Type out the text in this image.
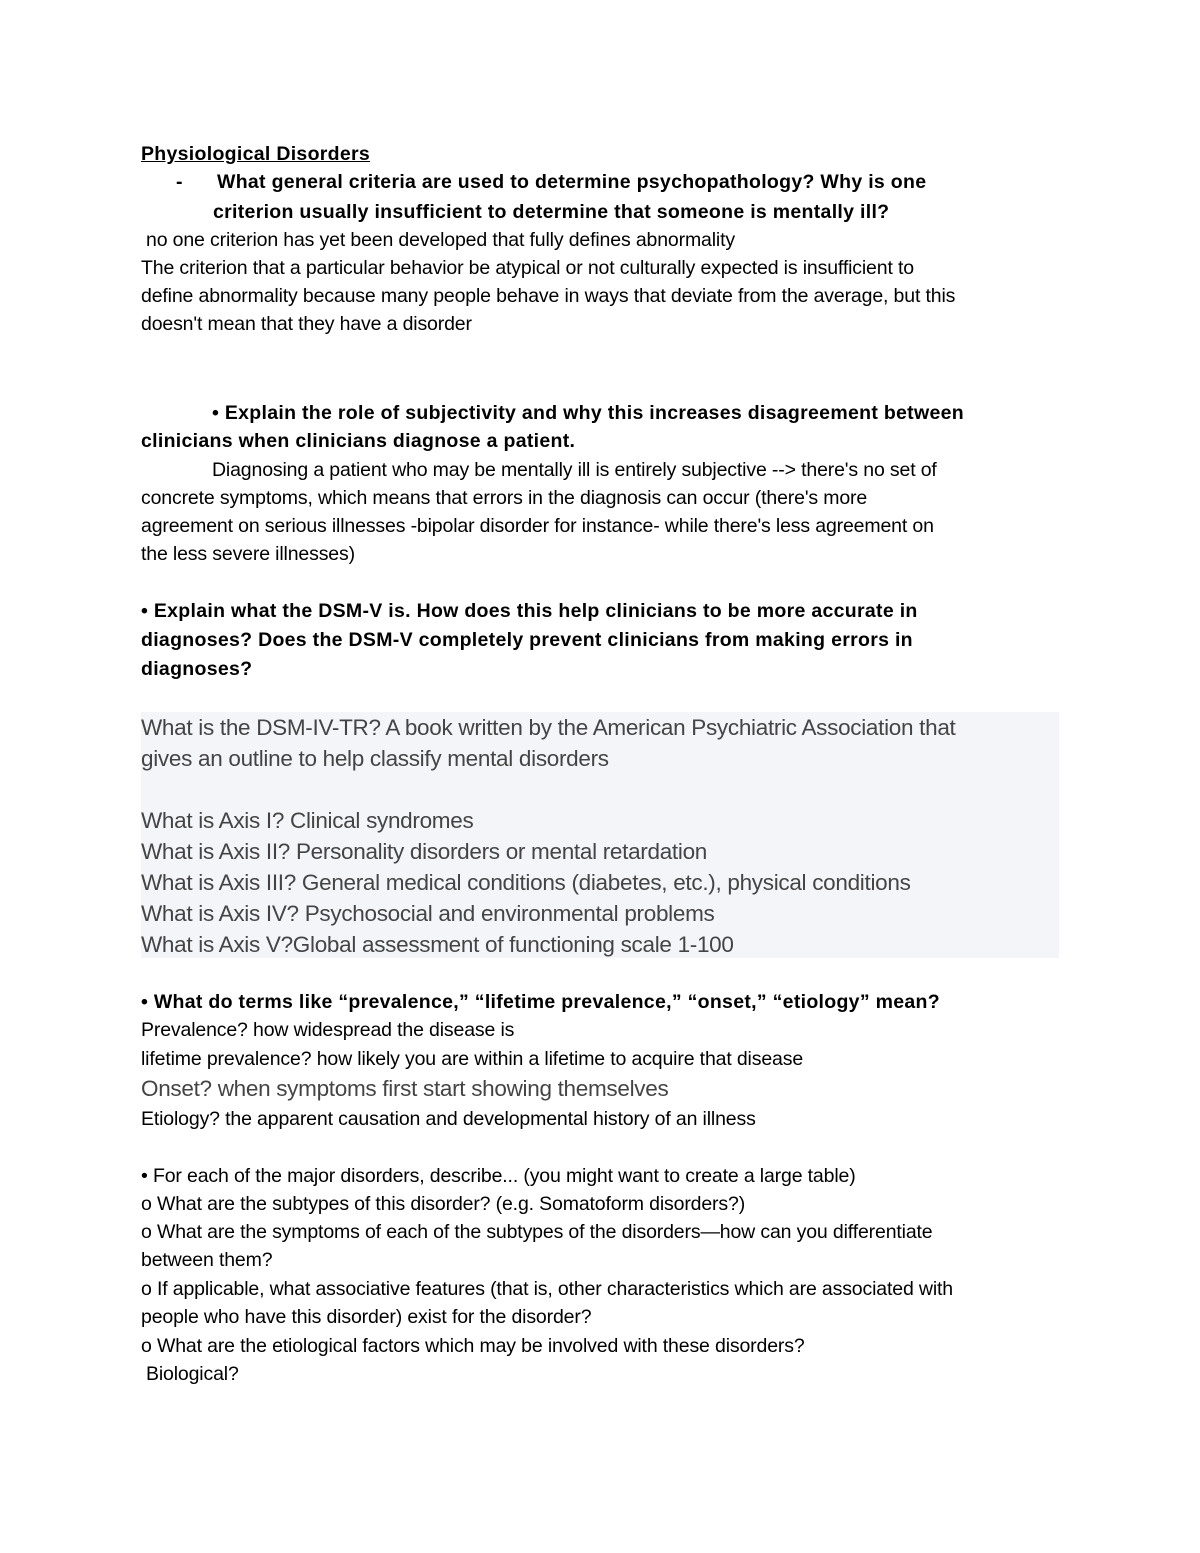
Physiological Disorders
- What general criteria are used to determine psychopathology? Why is one
criterion usually insufficient to determine that someone is mentally ill?
no one criterion has yet been developed that fully defines abnormality
The criterion that a particular behavior be atypical or not culturally expected is insufficient to
define abnormality because many people behave in ways that deviate from the average, but this
doesn't mean that they have a disorder
• Explain the role of subjectivity and why this increases disagreement between
clinicians when clinicians diagnose a patient.
Diagnosing a patient who may be mentally ill is entirely subjective --> there's no set of
concrete symptoms, which means that errors in the diagnosis can occur (there's more
agreement on serious illnesses -bipolar disorder for instance- while there's less agreement on
the less severe illnesses)
• Explain what the DSM-V is. How does this help clinicians to be more accurate in
diagnoses? Does the DSM-V completely prevent clinicians from making errors in
diagnoses?
What is the DSM-IV-TR? A book written by the American Psychiatric Association that
gives an outline to help classify mental disorders
What is Axis I? Clinical syndromes
What is Axis II? Personality disorders or mental retardation
What is Axis III? General medical conditions (diabetes, etc.), physical conditions
What is Axis IV? Psychosocial and environmental problems
What is Axis V?Global assessment of functioning scale 1-100
• What do terms like “prevalence,” “lifetime prevalence,” “onset,” “etiology” mean?
Prevalence? how widespread the disease is
lifetime prevalence? how likely you are within a lifetime to acquire that disease
Onset? when symptoms first start showing themselves
Etiology? the apparent causation and developmental history of an illness
• For each of the major disorders, describe... (you might want to create a large table)
o What are the subtypes of this disorder? (e.g. Somatoform disorders?)
o What are the symptoms of each of the subtypes of the disorders—how can you differentiate
between them?
o If applicable, what associative features (that is, other characteristics which are associated with
people who have this disorder) exist for the disorder?
o What are the etiological factors which may be involved with these disorders?
Biological?
